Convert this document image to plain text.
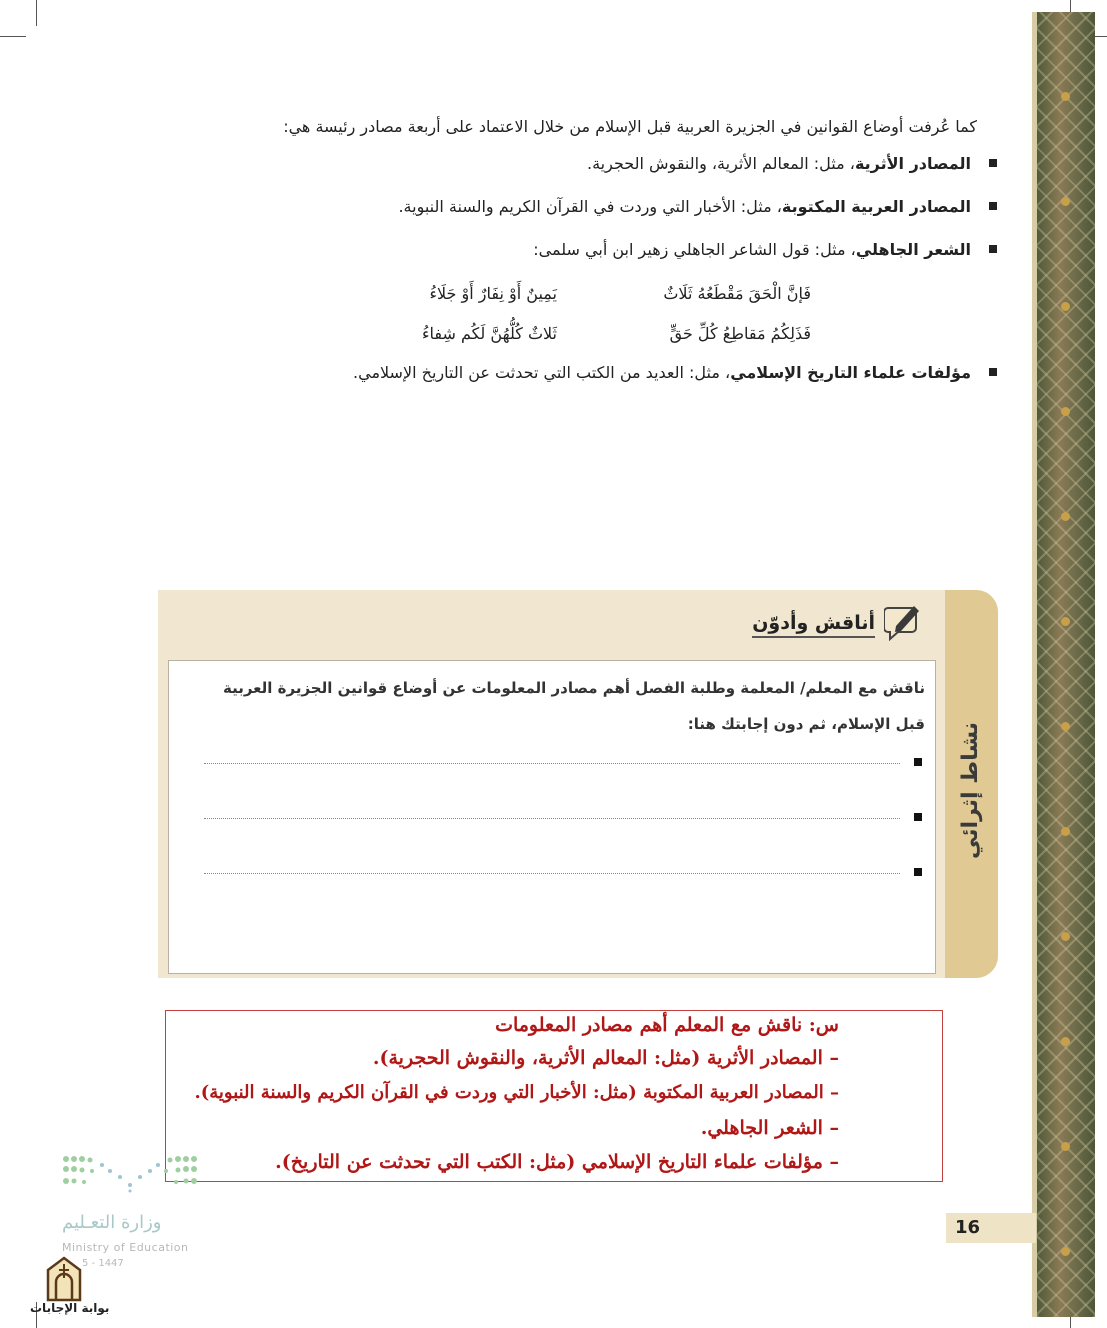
كما عُرفت أوضاع القوانين في الجزيرة العربية قبل الإسلام من خلال الاعتماد على أربعة مصادر رئيسة هي:
المصادر الأثرية، مثل: المعالم الأثرية، والنقوش الحجرية.
المصادر العربية المكتوبة، مثل: الأخبار التي وردت في القرآن الكريم والسنة النبوية.
الشعر الجاهلي، مثل: قول الشاعر الجاهلي زهير ابن أبي سلمى:
فَإنَّ الْحَقَ مَقْطَعُهُ ثَلَاثٌ
يَمِينٌ أَوْ نِفَارٌ أَوْ جَلَاءُ
فَذَلِكُمُ مَقاطِعُ كُلِّ حَقٍّ
ثَلاثٌ كُلُّهُنَّ لَكُم شِفاءُ
مؤلفات علماء التاريخ الإسلامي، مثل: العديد من الكتب التي تحدثت عن التاريخ الإسلامي.
نشاط إثرائي
أناقش وأدوّن
ناقش مع المعلم/ المعلمة وطلبة الفصل أهم مصادر المعلومات عن أوضاع قوانين الجزيرة العربية
قبل الإسلام، ثم دون إجابتك هنا:
س: ناقش مع المعلم أهم مصادر المعلومات
– المصادر الأثرية (مثل: المعالم الأثرية، والنقوش الحجرية).
– المصادر العربية المكتوبة (مثل: الأخبار التي وردت في القرآن الكريم والسنة النبوية).
– الشعر الجاهلي.
– مؤلفات علماء التاريخ الإسلامي (مثل: الكتب التي تحدثت عن التاريخ).
16
وزارة التعـليم
Ministry of Education
5 - 1447
بوابة الإجابات
